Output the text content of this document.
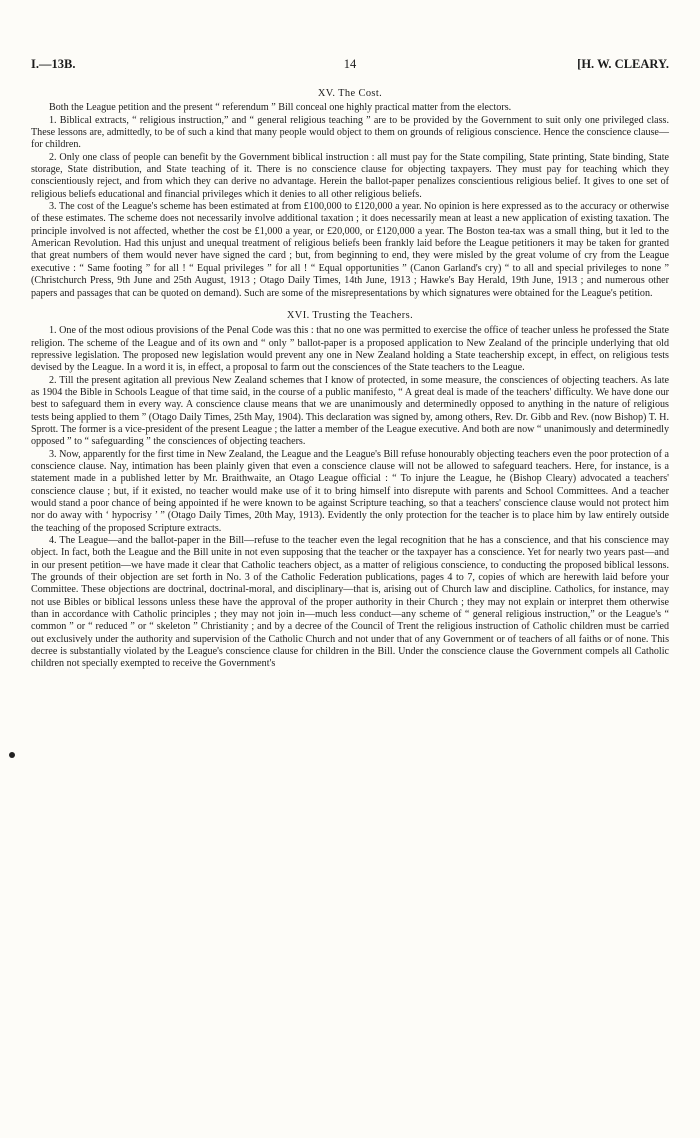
I.—13B.	14	[H. W. CLEARY.
XV. The Cost.

Both the League petition and the present “ referendum ” Bill conceal one highly practical matter from the electors.

1. Biblical extracts, “ religious instruction,” and “ general religious teaching ” are to be provided by the Government to suit only one privileged class. These lessons are, admittedly, to be of such a kind that many people would object to them on grounds of religious conscience. Hence the conscience clause—for children.

2. Only one class of people can benefit by the Government biblical instruction : all must pay for the State compiling, State printing, State binding, State storage, State distribution, and State teaching of it. There is no conscience clause for objecting taxpayers. They must pay for teaching which they conscientiously reject, and from which they can derive no advantage. Herein the ballot-paper penalizes conscientious religious belief. It gives to one set of religious beliefs educational and financial privileges which it denies to all other religious beliefs.

3. The cost of the League's scheme has been estimated at from £100,000 to £120,000 a year. No opinion is here expressed as to the accuracy or otherwise of these estimates. The scheme does not necessarily involve additional taxation ; it does necessarily mean at least a new application of existing taxation. The principle involved is not affected, whether the cost be £1,000 a year, or £20,000, or £120,000 a year. The Boston tea-tax was a small thing, but it led to the American Revolution. Had this unjust and unequal treatment of religious beliefs been frankly laid before the League petitioners it may be taken for granted that great numbers of them would never have signed the card ; but, from beginning to end, they were misled by the great volume of cry from the League executive : “ Same footing ” for all ! “ Equal privileges ” for all ! “ Equal opportunities ” (Canon Garland's cry) “ to all and special privileges to none ” (Christchurch Press, 9th June and 25th August, 1913 ; Otago Daily Times, 14th June, 1913 ; Hawke's Bay Herald, 19th June, 1913 ; and numerous other papers and passages that can be quoted on demand). Such are some of the misrepresentations by which signatures were obtained for the League's petition.

XVI. Trusting the Teachers.

1. One of the most odious provisions of the Penal Code was this : that no one was permitted to exercise the office of teacher unless he professed the State religion. The scheme of the League and of its own and “ only ” ballot-paper is a proposed application to New Zealand of the principle underlying that old repressive legislation. The proposed new legislation would prevent any one in New Zealand holding a State teachership except, in effect, on religious tests devised by the League. In a word it is, in effect, a proposal to farm out the consciences of the State teachers to the League.

2. Till the present agitation all previous New Zealand schemes that I know of protected, in some measure, the consciences of objecting teachers. As late as 1904 the Bible in Schools League of that time said, in the course of a public manifesto, “ A great deal is made of the teachers' difficulty. We have done our best to safeguard them in every way. A conscience clause means that we are unanimously and determinedly opposed to anything in the nature of religious tests being applied to them ” (Otago Daily Times, 25th May, 1904). This declaration was signed by, among others, Rev. Dr. Gibb and Rev. (now Bishop) T. H. Sprott. The former is a vice-president of the present League ; the latter a member of the League executive. And both are now “ unanimously and determinedly opposed ” to “ safeguarding ” the consciences of objecting teachers.

3. Now, apparently for the first time in New Zealand, the League and the League's Bill refuse honourably objecting teachers even the poor protection of a conscience clause. Nay, intimation has been plainly given that even a conscience clause will not be allowed to safeguard teachers. Here, for instance, is a statement made in a published letter by Mr. Braithwaite, an Otago League official : “ To injure the League, he (Bishop Cleary) advocated a teachers' conscience clause ; but, if it existed, no teacher would make use of it to bring himself into disrepute with parents and School Committees. And a teacher would stand a poor chance of being appointed if he were known to be against Scripture teaching, so that a teachers' conscience clause would not protect him nor do away with ‘ hypocrisy ’ ” (Otago Daily Times, 20th May, 1913). Evidently the only protection for the teacher is to place him by law entirely outside the teaching of the proposed Scripture extracts.

4. The League—and the ballot-paper in the Bill—refuse to the teacher even the legal recognition that he has a conscience, and that his conscience may object. In fact, both the League and the Bill unite in not even supposing that the teacher or the taxpayer has a conscience. Yet for nearly two years past—and in our present petition—we have made it clear that Catholic teachers object, as a matter of religious conscience, to conducting the proposed biblical lessons. The grounds of their objection are set forth in No. 3 of the Catholic Federation publications, pages 4 to 7, copies of which are herewith laid before your Committee. These objections are doctrinal, doctrinal-moral, and disciplinary—that is, arising out of Church law and discipline. Catholics, for instance, may not use Bibles or biblical lessons unless these have the approval of the proper authority in their Church ; they may not explain or interpret them otherwise than in accordance with Catholic principles ; they may not join in—much less conduct—any scheme of “ general religious instruction,” or the League's “ common ” or “ reduced ” or “ skeleton ” Christianity ; and by a decree of the Council of Trent the religious instruction of Catholic children must be carried out exclusively under the authority and supervision of the Catholic Church and not under that of any Government or of teachers of all faiths or of none. This decree is substantially violated by the League's conscience clause for children in the Bill. Under the conscience clause the Government compels all Catholic children not specially exempted to receive the Government's
